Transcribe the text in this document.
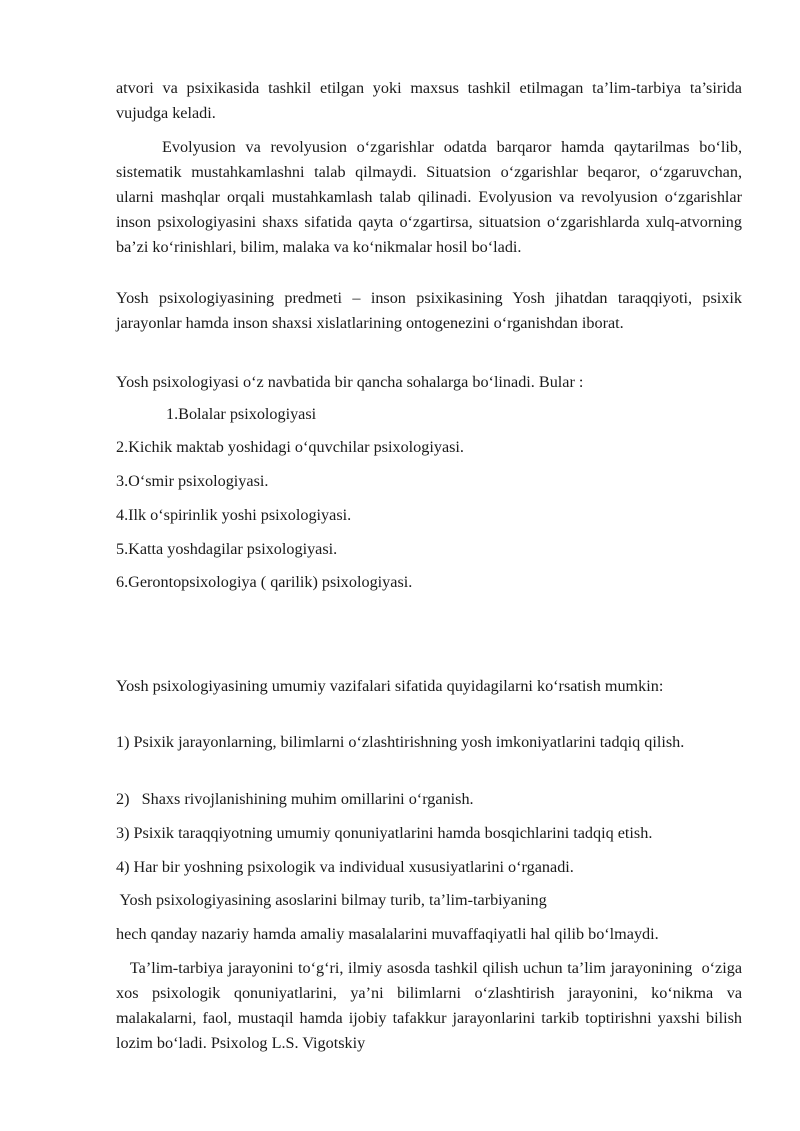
atvori va psixikasida tashkil etilgan yoki maxsus tashkil etilmagan ta’lim-tarbiya ta’sirida vujudga keladi.

Evolyusion va revolyusion o‘zgarishlar odatda barqaror hamda qaytarilmas bo‘lib, sistematik mustahkamlashni talab qilmaydi. Situatsion o‘zgarishlar beqaror, o‘zgaruvchan, ularni mashqlar orqali mustahkamlash talab qilinadi. Evolyusion va revolyusion o‘zgarishlar inson psixologiyasini shaxs sifatida qayta o‘zgartirsa, situatsion o‘zgarishlarda xulq-atvorning ba’zi ko‘rinishlari, bilim, malaka va ko‘nikmalar hosil bo‘ladi.

Yosh psixologiyasining predmeti – inson psixikasining Yosh jihatdan taraqqiyoti, psixik jarayonlar hamda inson shaxsi xislatlarining ontogenezini o‘rganishdan iborat.

Yosh psixologiyasi o‘z navbatida bir qancha sohalarga bo‘linadi. Bular :

1.Bolalar psixologiyasi

2.Kichik maktab yoshidagi o‘quvchilar psixologiyasi.

3.O‘smir psixologiyasi.

4.Ilk o‘spirinlik yoshi psixologiyasi.

5.Katta yoshdagilar psixologiyasi.

6.Gerontopsixologiya ( qarilik) psixologiyasi.

Yosh psixologiyasining umumiy vazifalari sifatida quyidagilarni ko‘rsatish mumkin:

1) Psixik jarayonlarning, bilimlarni o‘zlashtirishning yosh imkoniyatlarini tadqiq qilish.

2)   Shaxs rivojlanishining muhim omillarini o‘rganish.

3) Psixik taraqqiyotning umumiy qonuniyatlarini hamda bosqichlarini tadqiq etish.

4) Har bir yoshning psixologik va individual xususiyatlarini o‘rganadi.

Yosh psixologiyasining asoslarini bilmay turib, ta’lim-tarbiyaning

hech qanday nazariy hamda amaliy masalalarini muvaffaqiyatli hal qilib bo‘lmaydi.

Ta’lim-tarbiya jarayonini to‘g‘ri, ilmiy asosda tashkil qilish uchun ta’lim jarayonining  o‘ziga xos psixologik qonuniyatlarini, ya’ni bilimlarni o‘zlashtirish jarayonini, ko‘nikma va malakalarni, faol, mustaqil hamda ijobiy tafakkur jarayonlarini tarkib toptirishni yaxshi bilish lozim bo‘ladi. Psixolog L.S. Vigotskiy
